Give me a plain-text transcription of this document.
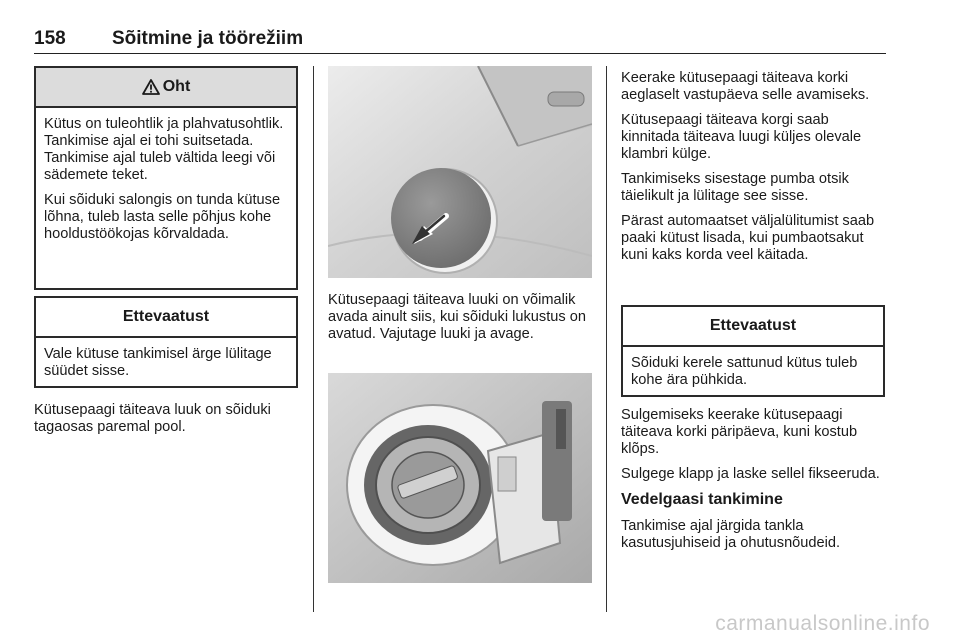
158 Sõitmine ja töörežiim
Oht

Kütus on tuleohtlik ja plahvatusohtlik. Tankimise ajal ei tohi suitsetada. Tankimise ajal tuleb vältida leegi või sädemete teket.

Kui sõiduki salongis on tunda kütuse lõhna, tuleb lasta selle põhjus kohe hooldustöökojas kõrvaldada.

Ettevaatust

Vale kütuse tankimisel ärge lülitage süüdet sisse.

Kütusepaagi täiteava luuk on sõiduki tagaosas paremal pool.

Kütusepaagi täiteava luuki on võimalik avada ainult siis, kui sõiduki lukustus on avatud. Vajutage luuki ja avage.

Keerake kütusepaagi täiteava korki aeglaselt vastupäeva selle avamiseks.

Kütusepaagi täiteava korgi saab kinnitada täiteava luugi küljes olevale klambri külge.

Tankimiseks sisestage pumba otsik täielikult ja lülitage see sisse.

Pärast automaatset väljalülitumist saab paaki kütust lisada, kui pumbaotsakut kuni kaks korda veel käitada.

Ettevaatust

Sõiduki kerele sattunud kütus tuleb kohe ära pühkida.

Sulgemiseks keerake kütusepaagi täiteava korki päripäeva, kuni kostub klõps.

Sulgege klapp ja laske sellel fikseeruda.

Vedelgaasi tankimine

Tankimise ajal järgida tankla kasutusjuhiseid ja ohutusnõudeid.

carmanualsonline.info
